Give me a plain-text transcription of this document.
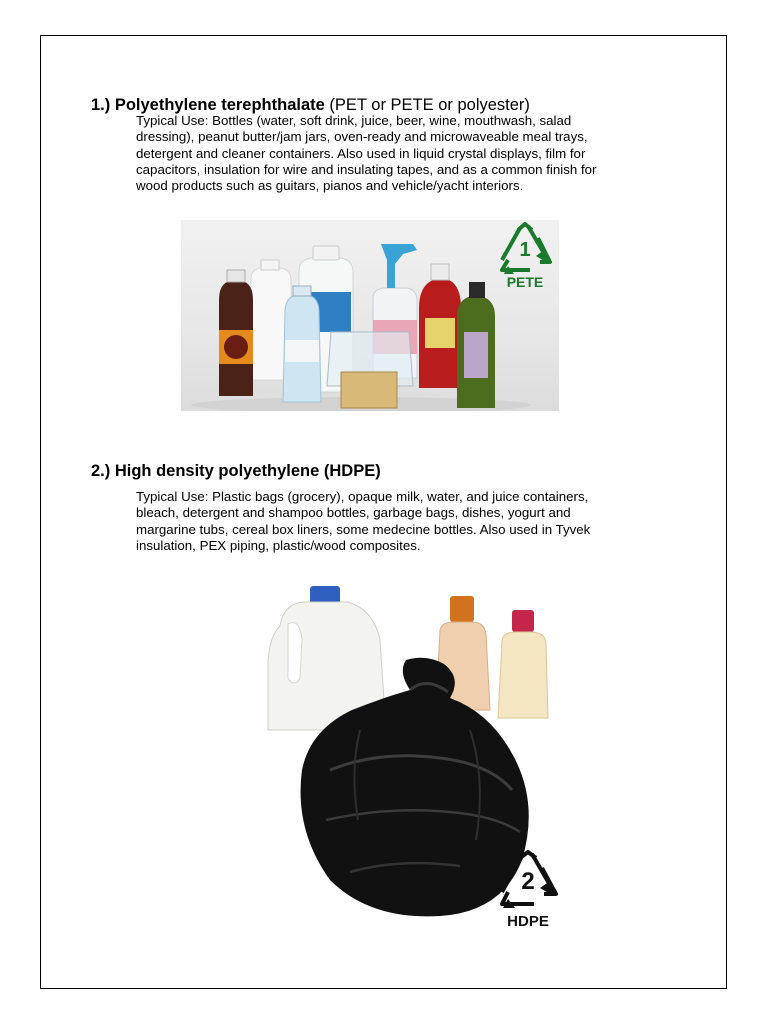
1.) Polyethylene terephthalate (PET or PETE or polyester)

Typical Use: Bottles (water, soft drink, juice, beer, wine, mouthwash, salad
dressing), peanut butter/jam jars, oven-ready and microwaveable meal trays,
detergent and cleaner containers. Also used in liquid crystal displays, film for
capacitors, insulation for wire and insulating tapes, and as a common finish for
wood products such as guitars, pianos and vehicle/yacht interiors.

1
PETE
2.) High density polyethylene (HDPE)

Typical Use: Plastic bags (grocery), opaque milk, water, and juice containers,
bleach, detergent and shampoo bottles, garbage bags, dishes, yogurt and
margarine tubs, cereal box liners, some medecine bottles. Also used in Tyvek
insulation, PEX piping, plastic/wood composites.

2
HDPE
